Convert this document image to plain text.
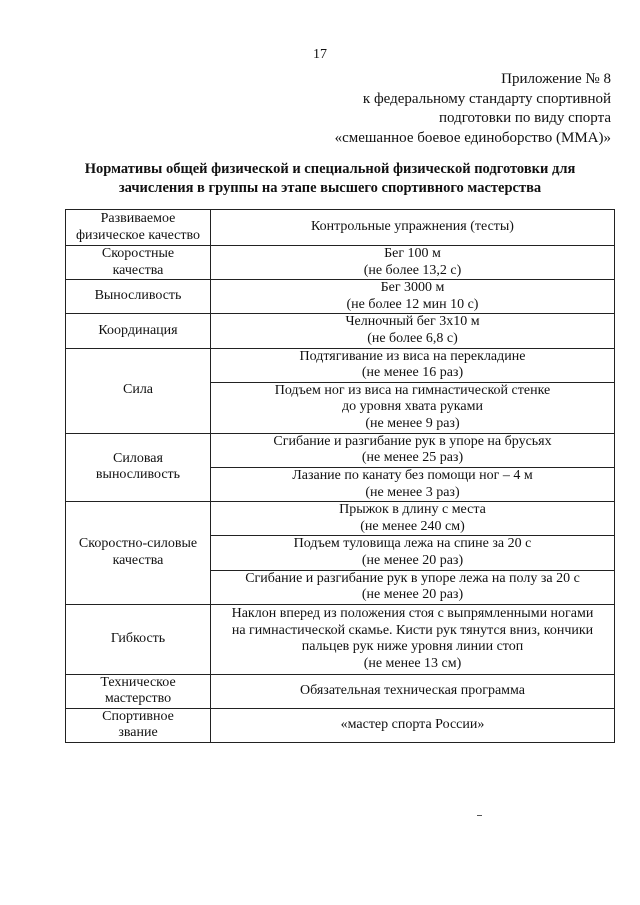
17
Приложение № 8
к федеральному стандарту спортивной
подготовки по виду спорта
«смешанное боевое единоборство (ММА)»
Нормативы общей физической и специальной физической подготовки для
зачисления в группы на этапе высшего спортивного мастерства
Развиваемое
физическое качество	Контрольные упражнения (тесты)
Скоростные
качества	Бег 100 м
(не более 13,2 с)
Выносливость	Бег 3000 м
(не более 12 мин 10 с)
Координация	Челночный бег 3х10 м
(не более 6,8 с)
Сила	Подтягивание из виса на перекладине
(не менее 16 раз)
	Подъем ног из виса на гимнастической стенке
до уровня хвата руками
(не менее 9 раз)
Силовая
выносливость	Сгибание и разгибание рук в упоре на брусьях
(не менее 25 раз)
	Лазание по канату без помощи ног – 4 м
(не менее 3 раз)
Скоростно-силовые
качества	Прыжок в длину с места
(не менее 240 см)
	Подъем туловища лежа на спине за 20 с
(не менее 20 раз)
	Сгибание и разгибание рук в упоре лежа на полу за 20 с
(не менее 20 раз)
Гибкость	Наклон вперед из положения стоя с выпрямленными ногами
на гимнастической скамье. Кисти рук тянутся вниз, кончики
пальцев рук ниже уровня линии стоп
(не менее 13 см)
Техническое
мастерство	Обязательная техническая программа
Спортивное
звание	«мастер спорта России»
